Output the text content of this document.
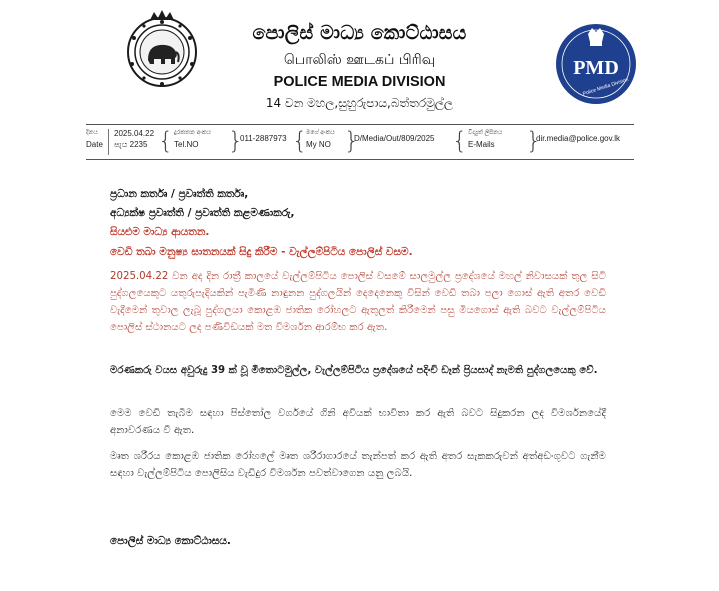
PMD
Police Media Division
පොලිස් මාධ්‍ය කොට්ඨාසය
பொலிஸ் ஊடகப் பிரிவு
POLICE MEDIA DIVISION
14 වන මහල,සුහුරුපාය,බත්තරමුල්ල
දිනය
Date
2025.04.22
පැය 2235 { දුරකතන අංකය
Tel.NO	}
011-2887973 {
මගේ අංකය
My NO }
D/Media/Out/809/2025 { විද්‍යුත් ලිපිනය
E-Mails	}
dir.media@police.gov.lk
ප්‍රධාන කර්තෘ / ප්‍රවෘත්ති කර්තෘ,
අධ්‍යක්ෂ ප්‍රවෘත්ති / ප්‍රවෘත්ති කළමණාකරු,
සියළුම මාධ්‍ය ආයතන.
වෙඩි තබා මනුෂ්‍ය ඝාතනයක් සිදු කිරීම - වැල්ලම්පිටිය පොලිස් වසම.
2025.04.22 වන අද දින රාත්‍රී කාලයේ වැල්ලම්පිටිය පොලිස් වසමේ සාලමුල්ල ප්‍රදේශයේ මහල් නිවාසයක් තුල සිටි පුද්ගලයෙකුට යතුරුපැදියකින් පැමිණි නාඳුනන පුද්ගලයින් දෙදෙනෙකු විසින් වෙඩි තබා පලා ගොස් ඇති අතර වෙඩි වැදීමෙන් තුවාල ලැබූ පුද්ගලයා කොළඹ ජාතික රෝහලට ඇතුලත් කිරීමෙන් පසු මියගොස් ඇති බවට වැල්ලම්පිටිය පොලිස් ස්ථානයට ලද පණිවිඩයක් මත විමර්ශන ආරම්භ කර ඇත.
මරණකරු වයස අවුරුදු 39 ක් වූ මීතොටමුල්ල, වැල්ලම්පිටිය ප්‍රදේශයේ පදිංචි ඩෑන් ප්‍රියසාද් නැමති පුද්ගලයෙකු වේ.
මෙම වෙඩි තැබීම සඳහා පිස්තෝල වර්ගයේ ගිනි අවියක් භාවිතා කර ඇති බවට සිදුකරන ලද විමර්ශනයේදී අනාවරණය වී ඇත.
මෘත ශරීරය කොළඹ ජාතික රෝහලේ මෘත ශරීරාගාරයේ තැන්පත් කර ඇති අතර සැකකරුවන් අත්අඩංගුවට ගැනීම සඳහා වැල්ලම්පිටිය පොලිසිය වැඩිදුර විමර්ශන පවත්වාගෙන යනු ලබයි.
පොලිස් මාධ්‍ය කොට්ඨාසය.
